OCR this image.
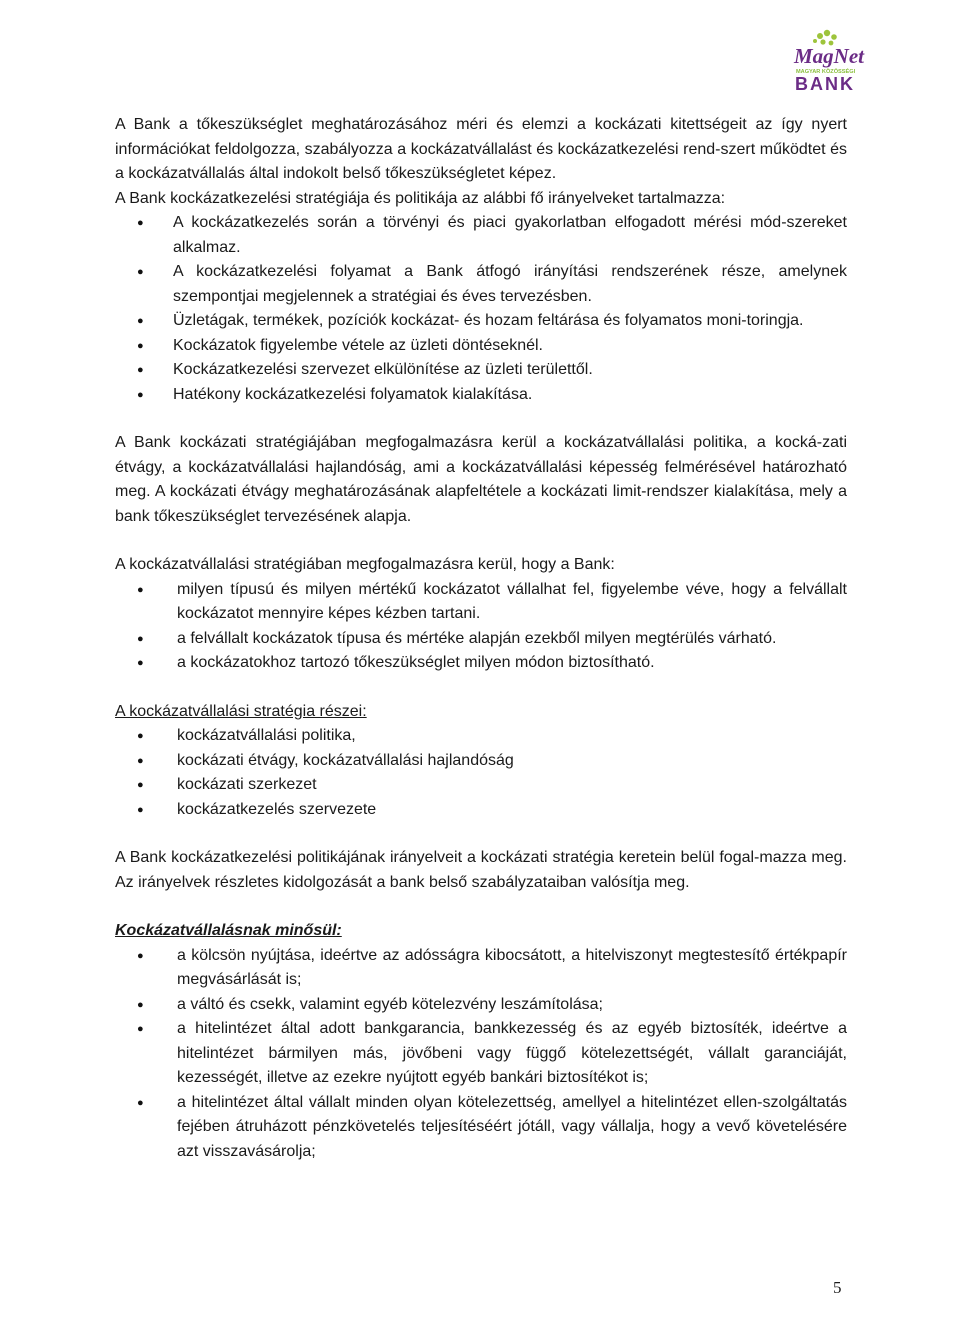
MagNet
MAGYAR KÖZÖSSÉGI
BANK

A Bank a tőkeszükséglet meghatározásához méri és elemzi a kockázati kitettségeit az így nyert információkat feldolgozza, szabályozza a kockázatvállalást és kockázatkezelési rend-szert működtet és a kockázatvállalás által indokolt belső tőkeszükségletet képez.

A Bank kockázatkezelési stratégiája és politikája az alábbi fő irányelveket tartalmazza:

● A kockázatkezelés során a törvényi és piaci gyakorlatban elfogadott mérési mód-szereket alkalmaz.
● A kockázatkezelési folyamat a Bank átfogó irányítási rendszerének része, amelynek szempontjai megjelennek a stratégiai és éves tervezésben.
● Üzletágak, termékek, pozíciók kockázat- és hozam feltárása és folyamatos moni-toringja.
● Kockázatok figyelembe vétele az üzleti döntéseknél.
● Kockázatkezelési szervezet elkülönítése az üzleti területtől.
● Hatékony kockázatkezelési folyamatok kialakítása.

A Bank kockázati stratégiájában megfogalmazásra kerül a kockázatvállalási politika, a kocká-zati étvágy, a kockázatvállalási hajlandóság, ami a kockázatvállalási képesség felmérésével határozható meg. A kockázati étvágy meghatározásának alapfeltétele a kockázati limit-rendszer kialakítása, mely a bank tőkeszükséglet tervezésének alapja.

A kockázatvállalási stratégiában megfogalmazásra kerül, hogy a Bank:

● milyen típusú és milyen mértékű kockázatot vállalhat fel, figyelembe véve, hogy a felvállalt kockázatot mennyire képes kézben tartani.
● a felvállalt kockázatok típusa és mértéke alapján ezekből milyen megtérülés várható.
● a kockázatokhoz tartozó tőkeszükséglet milyen módon biztosítható.

A kockázatvállalási stratégia részei:

● kockázatvállalási politika,
● kockázati étvágy, kockázatvállalási hajlandóság
● kockázati szerkezet
● kockázatkezelés szervezete

A Bank kockázatkezelési politikájának irányelveit a kockázati stratégia keretein belül fogal-mazza meg. Az irányelvek részletes kidolgozását a bank belső szabályzataiban valósítja meg.

Kockázatvállalásnak minősül:

● a kölcsön nyújtása, ideértve az adósságra kibocsátott, a hitelviszonyt megtestesítő értékpapír megvásárlását is;
● a váltó és csekk, valamint egyéb kötelezvény leszámítolása;
● a hitelintézet által adott bankgarancia, bankkezesség és az egyéb biztosíték, ideértve a hitelintézet bármilyen más, jövőbeni vagy függő kötelezettségét, vállalt garanciáját, kezességét, illetve az ezekre nyújtott egyéb bankári biztosítékot is;
● a hitelintézet által vállalt minden olyan kötelezettség, amellyel a hitelintézet ellen-szolgáltatás fejében átruházott pénzkövetelés teljesítéséért jótáll, vagy vállalja, hogy a vevő követelésére azt visszavásárolja;
5
